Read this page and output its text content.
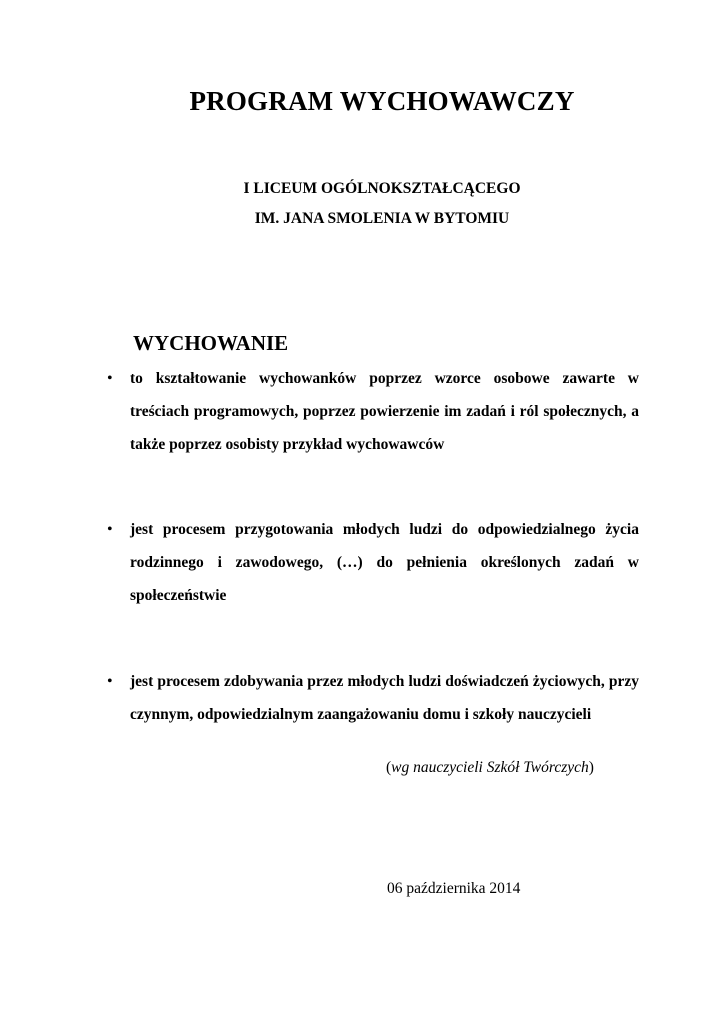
PROGRAM WYCHOWAWCZY
I LICEUM OGÓLNOKSZTAŁCĄCEGO
IM. JANA SMOLENIA W BYTOMIU
WYCHOWANIE
•	to kształtowanie wychowanków poprzez wzorce osobowe zawarte w treściach programowych, poprzez powierzenie im zadań i ról społecznych, a także poprzez osobisty przykład wychowawców
•	jest procesem przygotowania młodych ludzi do odpowiedzialnego życia rodzinnego i zawodowego, (…) do pełnienia określonych zadań w społeczeństwie
•	jest procesem zdobywania przez młodych ludzi doświadczeń życiowych, przy czynnym, odpowiedzialnym zaangażowaniu domu i szkoły nauczycieli
(wg nauczycieli Szkół Twórczych)
06 października 2014
